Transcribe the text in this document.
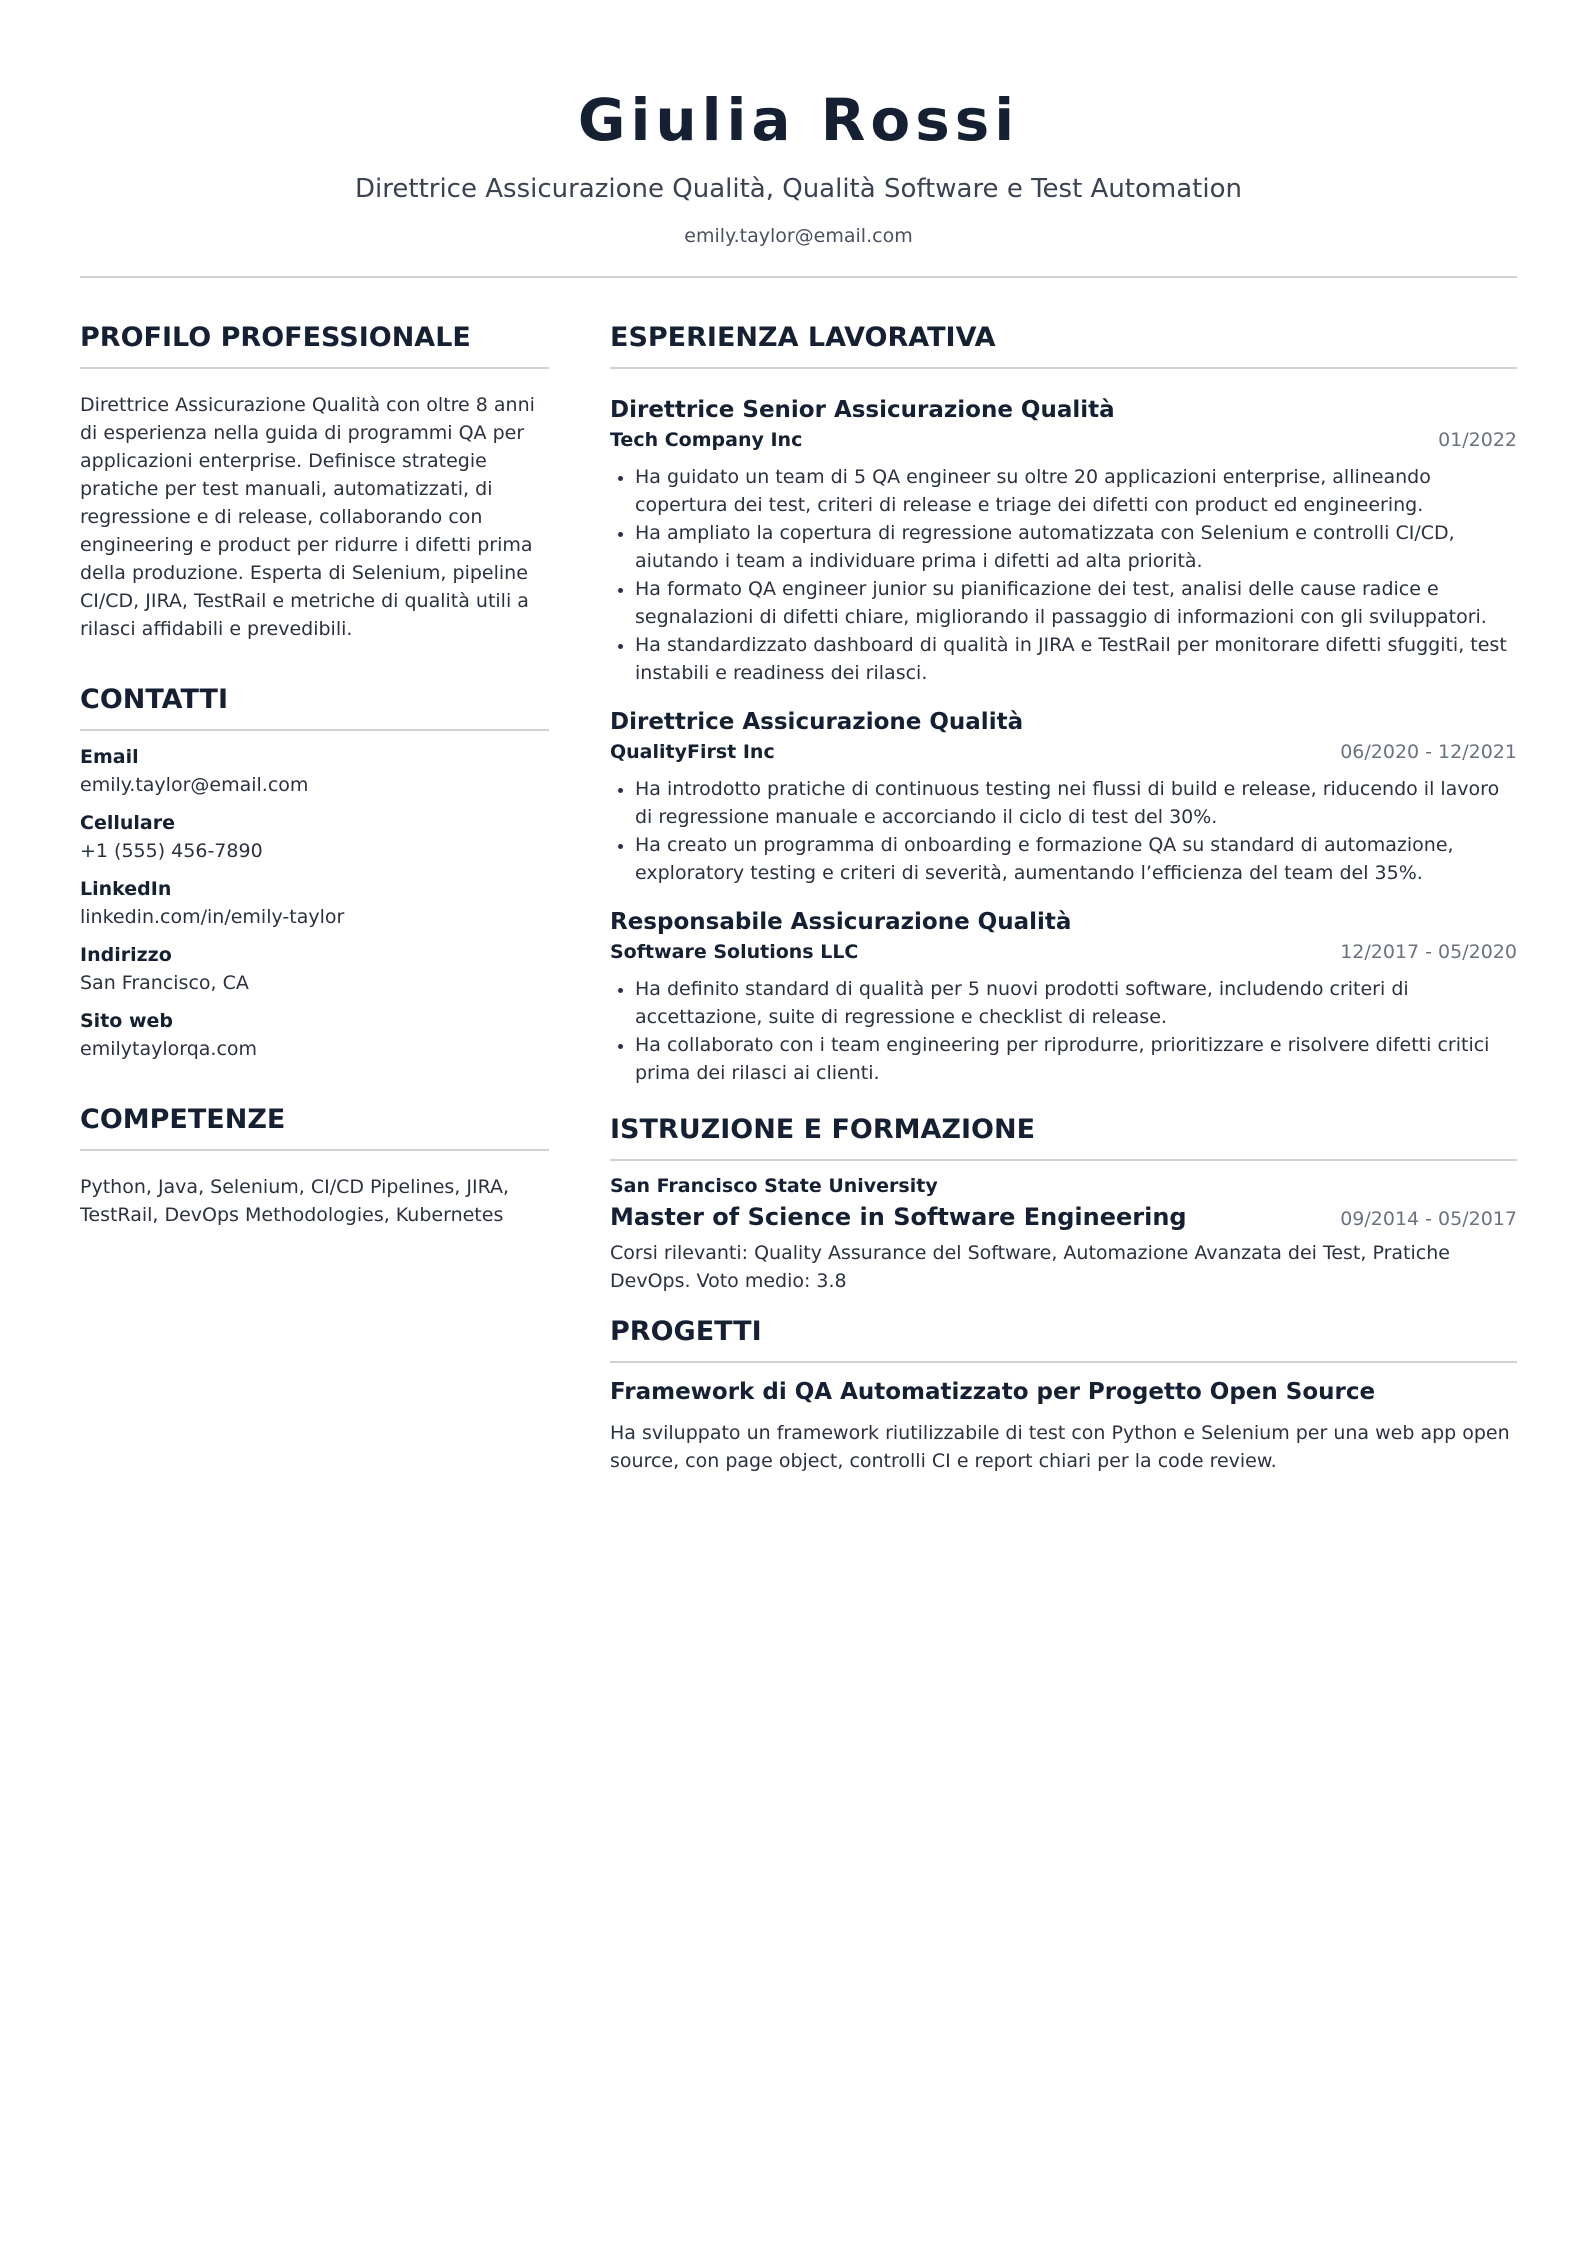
Giulia Rossi
Direttrice Assicurazione Qualità, Qualità Software e Test Automation
emily.taylor@email.com
PROFILO PROFESSIONALE
Direttrice Assicurazione Qualità con oltre 8 anni di esperienza nella guida di programmi QA per applicazioni enterprise. Definisce strategie pratiche per test manuali, automatizzati, di regressione e di release, collaborando con engineering e product per ridurre i difetti prima della produzione. Esperta di Selenium, pipeline CI/CD, JIRA, TestRail e metriche di qualità utili a rilasci affidabili e prevedibili.
CONTATTI
Email
emily.taylor@email.com
Cellulare
+1 (555) 456-7890
LinkedIn
linkedin.com/in/emily-taylor
Indirizzo
San Francisco, CA
Sito web
emilytaylorqa.com
COMPETENZE
Python, Java, Selenium, CI/CD Pipelines, JIRA, TestRail, DevOps Methodologies, Kubernetes
ESPERIENZA LAVORATIVA
Direttrice Senior Assicurazione Qualità
Tech Company Inc	01/2022
Ha guidato un team di 5 QA engineer su oltre 20 applicazioni enterprise, allineando copertura dei test, criteri di release e triage dei difetti con product ed engineering.
Ha ampliato la copertura di regressione automatizzata con Selenium e controlli CI/CD, aiutando i team a individuare prima i difetti ad alta priorità.
Ha formato QA engineer junior su pianificazione dei test, analisi delle cause radice e segnalazioni di difetti chiare, migliorando il passaggio di informazioni con gli sviluppatori.
Ha standardizzato dashboard di qualità in JIRA e TestRail per monitorare difetti sfuggiti, test instabili e readiness dei rilasci.
Direttrice Assicurazione Qualità
QualityFirst Inc	06/2020 - 12/2021
Ha introdotto pratiche di continuous testing nei flussi di build e release, riducendo il lavoro di regressione manuale e accorciando il ciclo di test del 30%.
Ha creato un programma di onboarding e formazione QA su standard di automazione, exploratory testing e criteri di severità, aumentando l’efficienza del team del 35%.
Responsabile Assicurazione Qualità
Software Solutions LLC	12/2017 - 05/2020
Ha definito standard di qualità per 5 nuovi prodotti software, includendo criteri di accettazione, suite di regressione e checklist di release.
Ha collaborato con i team engineering per riprodurre, prioritizzare e risolvere difetti critici prima dei rilasci ai clienti.
ISTRUZIONE E FORMAZIONE
San Francisco State University
Master of Science in Software Engineering	09/2014 - 05/2017
Corsi rilevanti: Quality Assurance del Software, Automazione Avanzata dei Test, Pratiche DevOps. Voto medio: 3.8
PROGETTI
Framework di QA Automatizzato per Progetto Open Source
Ha sviluppato un framework riutilizzabile di test con Python e Selenium per una web app open source, con page object, controlli CI e report chiari per la code review.
